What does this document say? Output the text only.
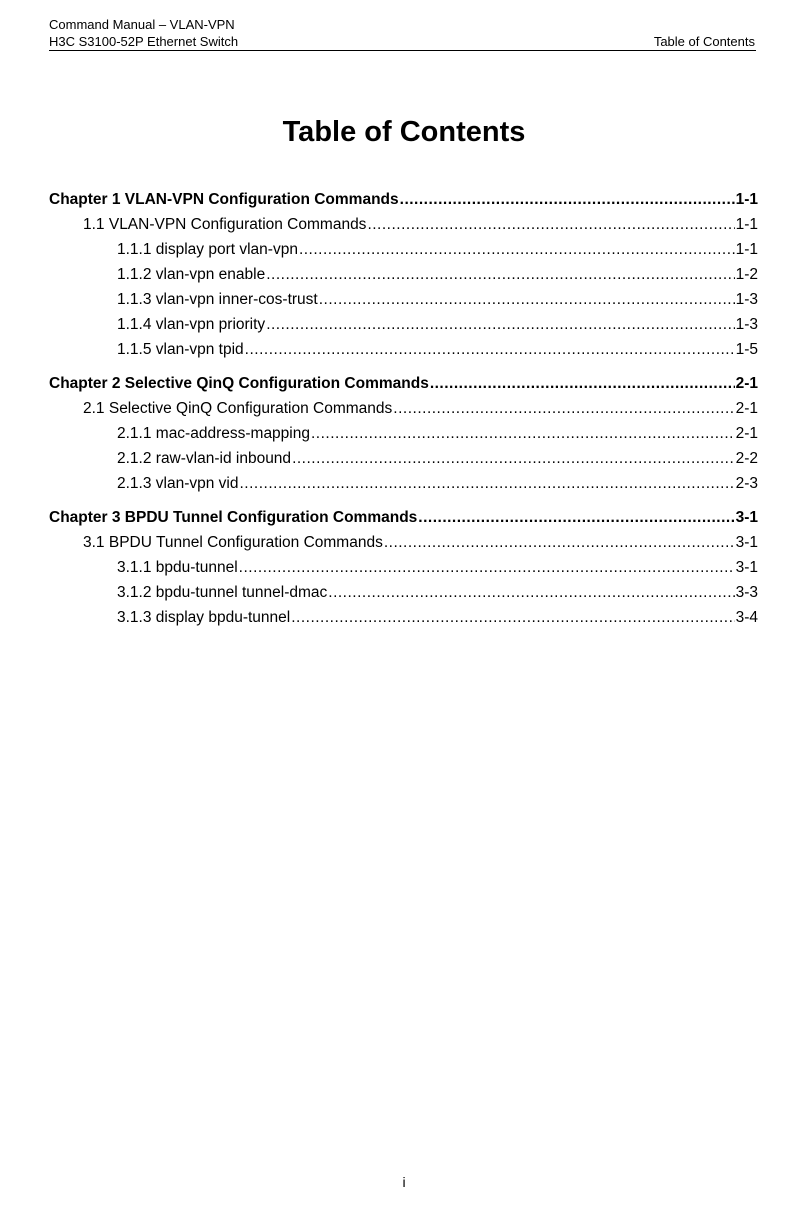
Command Manual – VLAN-VPN
H3C S3100-52P Ethernet Switch	Table of Contents
Table of Contents
Chapter 1 VLAN-VPN Configuration Commands .....	1-1
1.1 VLAN-VPN Configuration Commands .....	1-1
1.1.1 display port vlan-vpn .....	1-1
1.1.2 vlan-vpn enable .....	1-2
1.1.3 vlan-vpn inner-cos-trust .....	1-3
1.1.4 vlan-vpn priority .....	1-3
1.1.5 vlan-vpn tpid .....	1-5
Chapter 2 Selective QinQ Configuration Commands .....	2-1
2.1 Selective QinQ Configuration Commands .....	2-1
2.1.1 mac-address-mapping .....	2-1
2.1.2 raw-vlan-id inbound .....	2-2
2.1.3 vlan-vpn vid .....	2-3
Chapter 3 BPDU Tunnel Configuration Commands .....	3-1
3.1 BPDU Tunnel Configuration Commands .....	3-1
3.1.1 bpdu-tunnel .....	3-1
3.1.2 bpdu-tunnel tunnel-dmac .....	3-3
3.1.3 display bpdu-tunnel .....	3-4
i
